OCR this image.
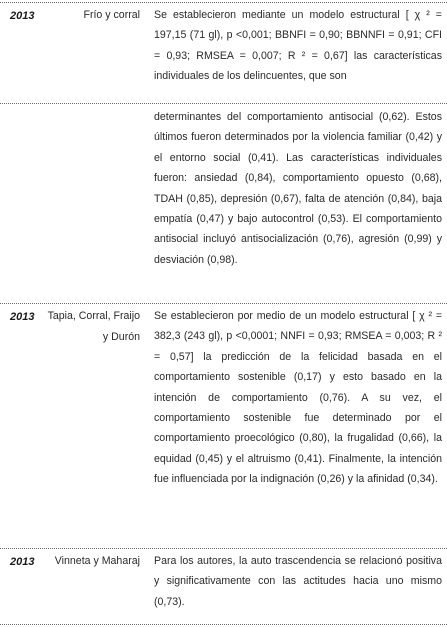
2013	Frío y corral Se establecieron mediante un modelo estructural [ χ ² = 197,15 (71 gl), p <0,001; BBNFI = 0,90; BBNNFI = 0,91; CFI = 0,93; RMSEA = 0,007; R ² = 0,67] las características individuales de los delincuentes, que son
determinantes del comportamiento antisocial (0,62). Estos últimos fueron determinados por la violencia familiar (0,42) y el entorno social (0,41). Las características individuales fueron: ansiedad (0,84), comportamiento opuesto (0,68), TDAH (0,85), depresión (0,67), falta de atención (0,84), baja empatía (0,47) y bajo autocontrol (0,53). El comportamiento antisocial incluyó antisocialización (0,76), agresión (0,99) y desviación (0,98).
2013 Tapia, Corral, Fraijo y Durón
Se establecieron por medio de un modelo estructural [ χ ² = 382,3 (243 gl), p <0,0001; NNFI = 0,93; RMSEA = 0,003; R ² = 0,57] la predicción de la felicidad basada en el comportamiento sostenible (0,17) y esto basado en la intención de comportamiento (0,76). A su vez, el comportamiento sostenible fue determinado por el comportamiento proecológico (0,80), la frugalidad (0,66), la equidad (0,45) y el altruismo (0,41). Finalmente, la intención fue influenciada por la indignación (0,26) y la afinidad (0,34).
2013	Vinneta y Maharaj Para los autores, la auto trascendencia se relacionó positiva y significativamente con las actitudes hacia uno mismo (0,73).
